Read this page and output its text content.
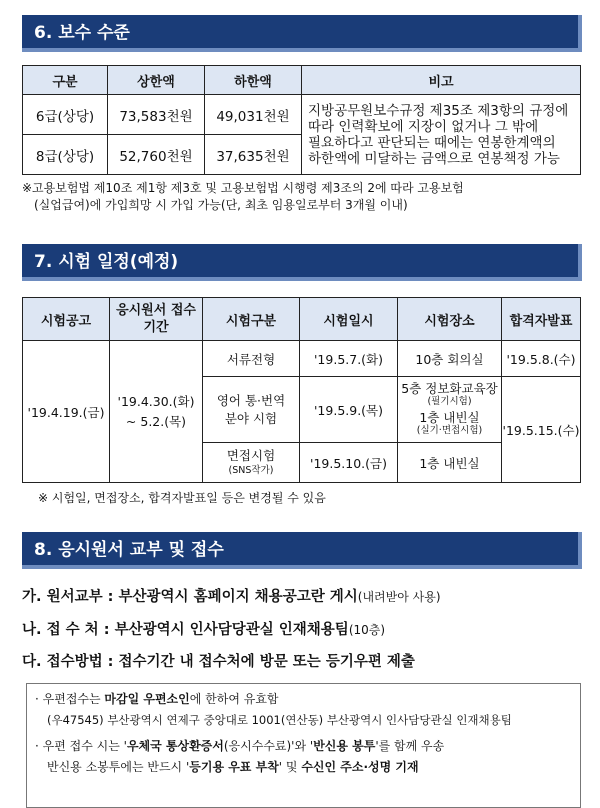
6. 보수 수준
구분	상한액	하한액	비고
6급(상당)	73,583천원	49,031천원	지방공무원보수규정 제35조 제3항의 규정에
따라 인력확보에 지장이 없거나 그 밖에
필요하다고 판단되는 때에는 연봉한계액의
하한액에 미달하는 금액으로 연봉책정 가능

8급(상당)	52,760천원	37,635천원	
※고용보험법 제10조 제1항 제3호 및 고용보험법 시행령 제3조의 2에 따라 고용보험
(실업급여)에 가입희망 시 가입 가능(단, 최초 임용일로부터 3개월 이내)
7. 시험 일정(예정)
시험공고	응시원서 접수기간	시험구분	시험일시	시험장소	합격자발표
'19.4.19.(금)	'19.4.30.(화)
~ 5.2.(목)	서류전형	'19.5.7.(화)	10층 회의실	'19.5.8.(수)
		영어 통·번역 분야 시험	'19.5.9.(목)	5층 정보화교육장
(필기시험)
1층 내빈실
(실기·면접시험)	'19.5.15.(수)

		면접시험
(SNS작가)	'19.5.10.(금)	1층 내빈실	
※ 시험일, 면접장소, 합격자발표일 등은 변경될 수 있음
8. 응시원서 교부 및 접수
가. 원서교부 : 부산광역시 홈페이지 채용공고란 게시(내려받아 사용)
나. 접 수 처 : 부산광역시 인사담당관실 인재채용팀(10층)
다. 접수방법 : 접수기간 내 접수처에 방문 또는 등기우편 제출
· 우편접수는 마감일 우편소인에 한하여 유효함
(우47545) 부산광역시 연제구 중앙대로 1001(연산동) 부산광역시 인사담당관실 인재채용팀
· 우편 접수 시는 '우체국 통상환증서(응시수수료)'와 '반신용 봉투'를 함께 우송
반신용 소봉투에는 반드시 '등기용 우표 부착' 및 수신인 주소·성명 기재
